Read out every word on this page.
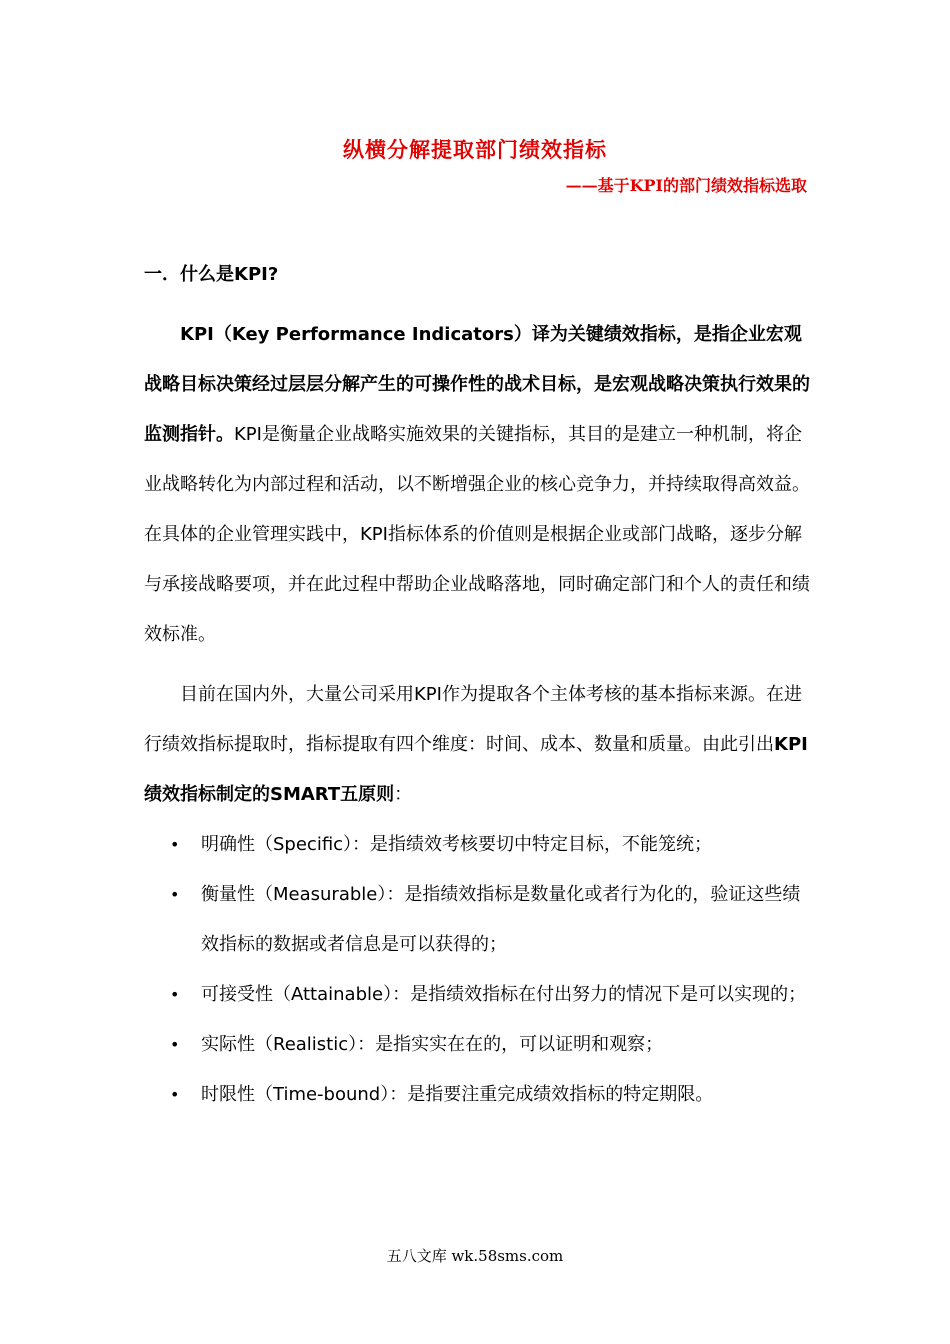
纵横分解提取部门绩效指标
——基于KPI的部门绩效指标选取
一．什么是KPI?

KPI（Key Performance Indicators）译为关键绩效指标，是指企业宏观战略目标决策经过层层分解产生的可操作性的战术目标，是宏观战略决策执行效果的监测指针。KPI是衡量企业战略实施效果的关键指标，其目的是建立一种机制，将企业战略转化为内部过程和活动，以不断增强企业的核心竞争力，并持续取得高效益。在具体的企业管理实践中，KPI指标体系的价值则是根据企业或部门战略，逐步分解与承接战略要项，并在此过程中帮助企业战略落地，同时确定部门和个人的责任和绩效标准。

目前在国内外，大量公司采用KPI作为提取各个主体考核的基本指标来源。在进行绩效指标提取时，指标提取有四个维度：时间、成本、数量和质量。由此引出KPI绩效指标制定的SMART五原则：

• 明确性（Specific）：是指绩效考核要切中特定目标，不能笼统；
• 衡量性（Measurable）：是指绩效指标是数量化或者行为化的，验证这些绩效指标的数据或者信息是可以获得的；
• 可接受性（Attainable）：是指绩效指标在付出努力的情况下是可以实现的；
• 实际性（Realistic）：是指实实在在的，可以证明和观察；
• 时限性（Time-bound）：是指要注重完成绩效指标的特定期限。
五八文库 wk.58sms.com
